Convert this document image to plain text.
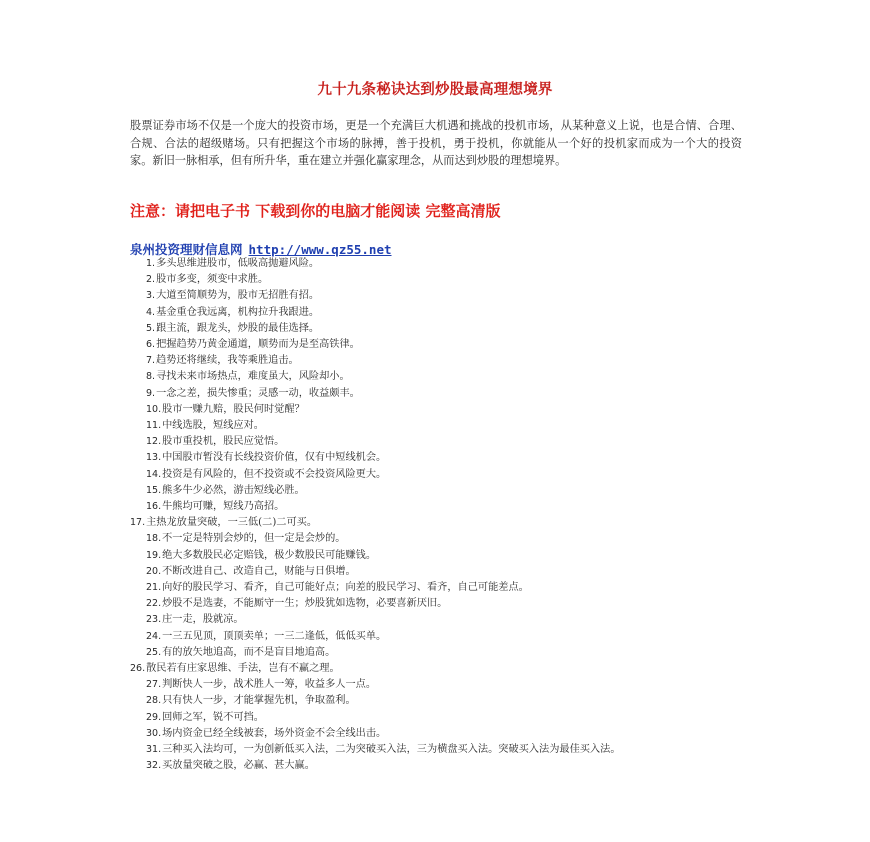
九十九条秘诀达到炒股最高理想境界
股票证券市场不仅是一个庞大的投资市场，更是一个充满巨大机遇和挑战的投机市场，从某种意义上说，也是合情、合理、合规、合法的超级赌场。只有把握这个市场的脉搏，善于投机，勇于投机，你就能从一个好的投机家而成为一个大的投资家。新旧一脉相承，但有所升华，重在建立并强化赢家理念，从而达到炒股的理想境界。
注意：请把电子书 下载到你的电脑才能阅读 完整高清版
泉州投资理财信息网 http://www.qz55.net
1.多头思维进股市，低吸高抛避风险。
2.股市多变，须变中求胜。
3.大道至简顺势为，股市无招胜有招。
4.基金重仓我远离，机构拉升我跟进。
5.跟主流，跟龙头，炒股的最佳选择。
6.把握趋势乃黄金通道，顺势而为是至高铁律。
7.趋势还将继续，我等乘胜追击。
8.寻找未来市场热点，难度虽大，风险却小。
9.一念之差，损失惨重；灵感一动，收益颇丰。
10.股市一赚九赔，股民何时觉醒？
11.中线选股，短线应对。
12.股市重投机，股民应觉悟。
13.中国股市暂没有长线投资价值，仅有中短线机会。
14.投资是有风险的，但不投资或不会投资风险更大。
15.熊多牛少必然，游击短线必胜。
16.牛熊均可赚，短线乃高招。
17.主热龙放量突破，一三低(二)二可买。
18.不一定是特别会炒的，但一定是会炒的。
19.绝大多数股民必定赔钱，极少数股民可能赚钱。
20.不断改进自己、改造自己，财能与日俱增。
21.向好的股民学习、看齐，自己可能好点；向差的股民学习、看齐，自己可能差点。
22.炒股不是选妻，不能厮守一生；炒股犹如选物，必要喜新厌旧。
23.庄一走，股就凉。
24.一三五见顶，顶顶卖单；一三二逢低，低低买单。
25.有的放矢地追高，而不是盲目地追高。
26.散民若有庄家思维、手法，岂有不赢之理。
27.判断快人一步，战术胜人一筹，收益多人一点。
28.只有快人一步，才能掌握先机，争取盈利。
29.回师之军，锐不可挡。
30.场内资金已经全线被套，场外资金不会全线出击。
31.三种买入法均可，一为创新低买入法，二为突破买入法，三为横盘买入法。突破买入法为最佳买入法。
32.买放量突破之股，必赢、甚大赢。
